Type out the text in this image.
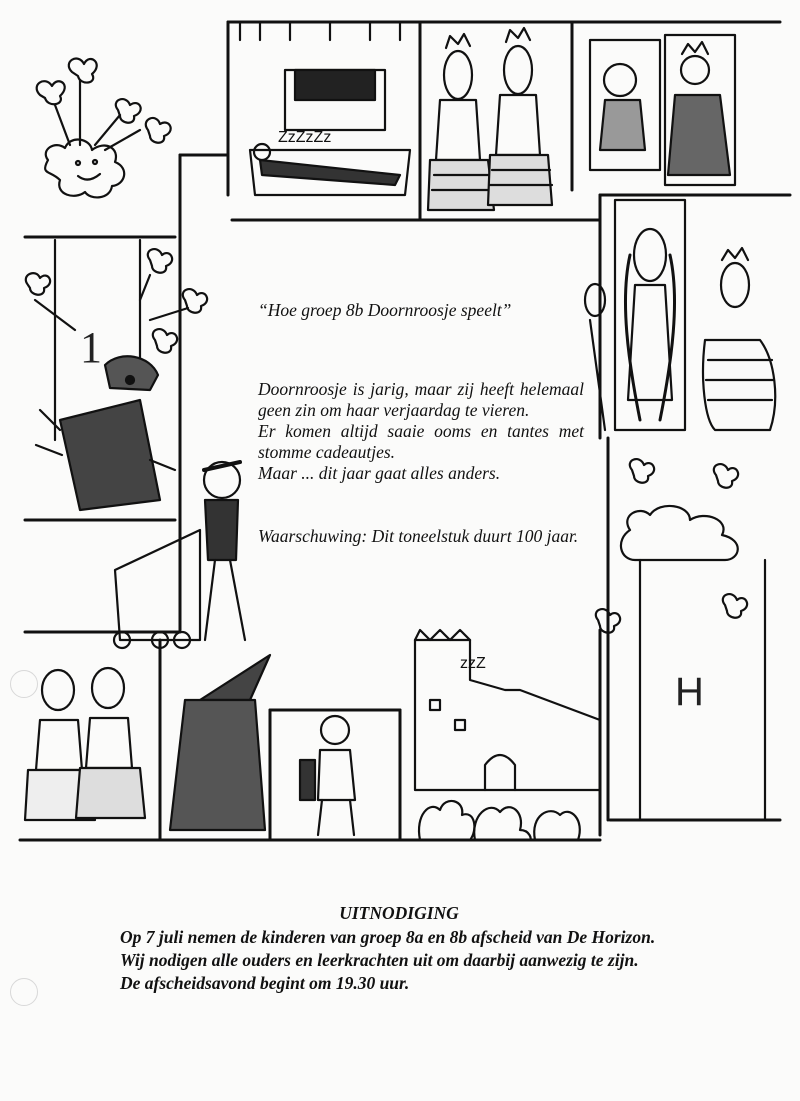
1
ZzZzZz
H
zzZ

“Hoe groep 8b Doornroosje speelt”

Doornroosje is jarig, maar zij heeft helemaal geen zin om haar verjaardag te vieren.

Er komen altijd saaie ooms en tantes met stomme cadeautjes.

Maar ... dit jaar gaat alles anders.

Waarschuwing: Dit toneelstuk duurt 100 jaar.

UITNODIGING

Op 7 juli nemen de kinderen van groep 8a en 8b afscheid van De Horizon.

Wij nodigen alle ouders en leerkrachten uit om daarbij aanwezig te zijn.

De afscheidsavond begint om 19.30 uur.
